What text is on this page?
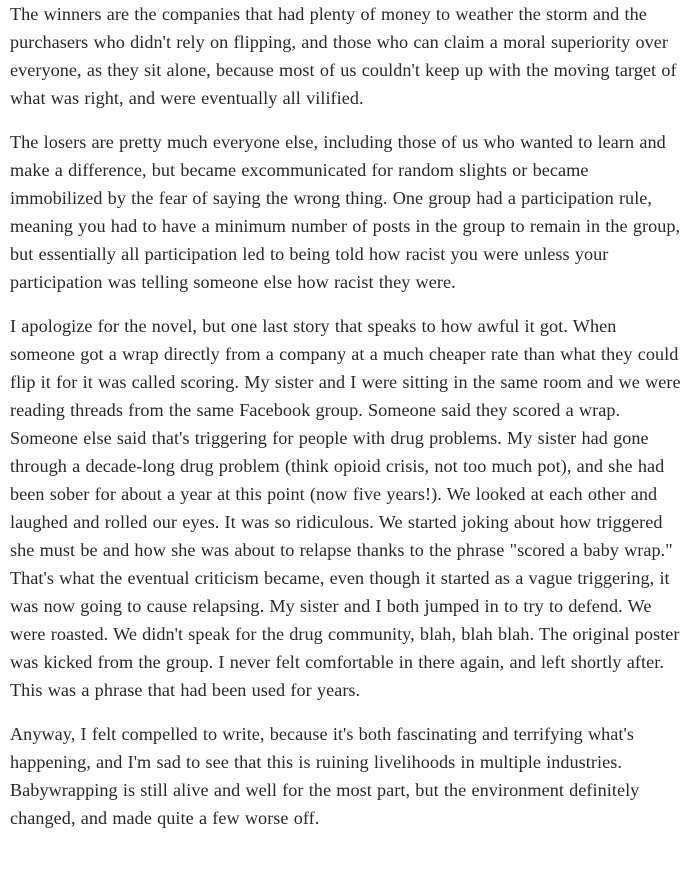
The winners are the companies that had plenty of money to weather the storm and the purchasers who didn't rely on flipping, and those who can claim a moral superiority over everyone, as they sit alone, because most of us couldn't keep up with the moving target of what was right, and were eventually all vilified.

The losers are pretty much everyone else, including those of us who wanted to learn and make a difference, but became excommunicated for random slights or became immobilized by the fear of saying the wrong thing. One group had a participation rule, meaning you had to have a minimum number of posts in the group to remain in the group, but essentially all participation led to being told how racist you were unless your participation was telling someone else how racist they were.

I apologize for the novel, but one last story that speaks to how awful it got. When someone got a wrap directly from a company at a much cheaper rate than what they could flip it for it was called scoring. My sister and I were sitting in the same room and we were reading threads from the same Facebook group. Someone said they scored a wrap. Someone else said that's triggering for people with drug problems. My sister had gone through a decade-long drug problem (think opioid crisis, not too much pot), and she had been sober for about a year at this point (now five years!). We looked at each other and laughed and rolled our eyes. It was so ridiculous. We started joking about how triggered she must be and how she was about to relapse thanks to the phrase "scored a baby wrap." That's what the eventual criticism became, even though it started as a vague triggering, it was now going to cause relapsing. My sister and I both jumped in to try to defend. We were roasted. We didn't speak for the drug community, blah, blah blah. The original poster was kicked from the group. I never felt comfortable in there again, and left shortly after. This was a phrase that had been used for years.

Anyway, I felt compelled to write, because it's both fascinating and terrifying what's happening, and I'm sad to see that this is ruining livelihoods in multiple industries. Babywrapping is still alive and well for the most part, but the environment definitely changed, and made quite a few worse off.
